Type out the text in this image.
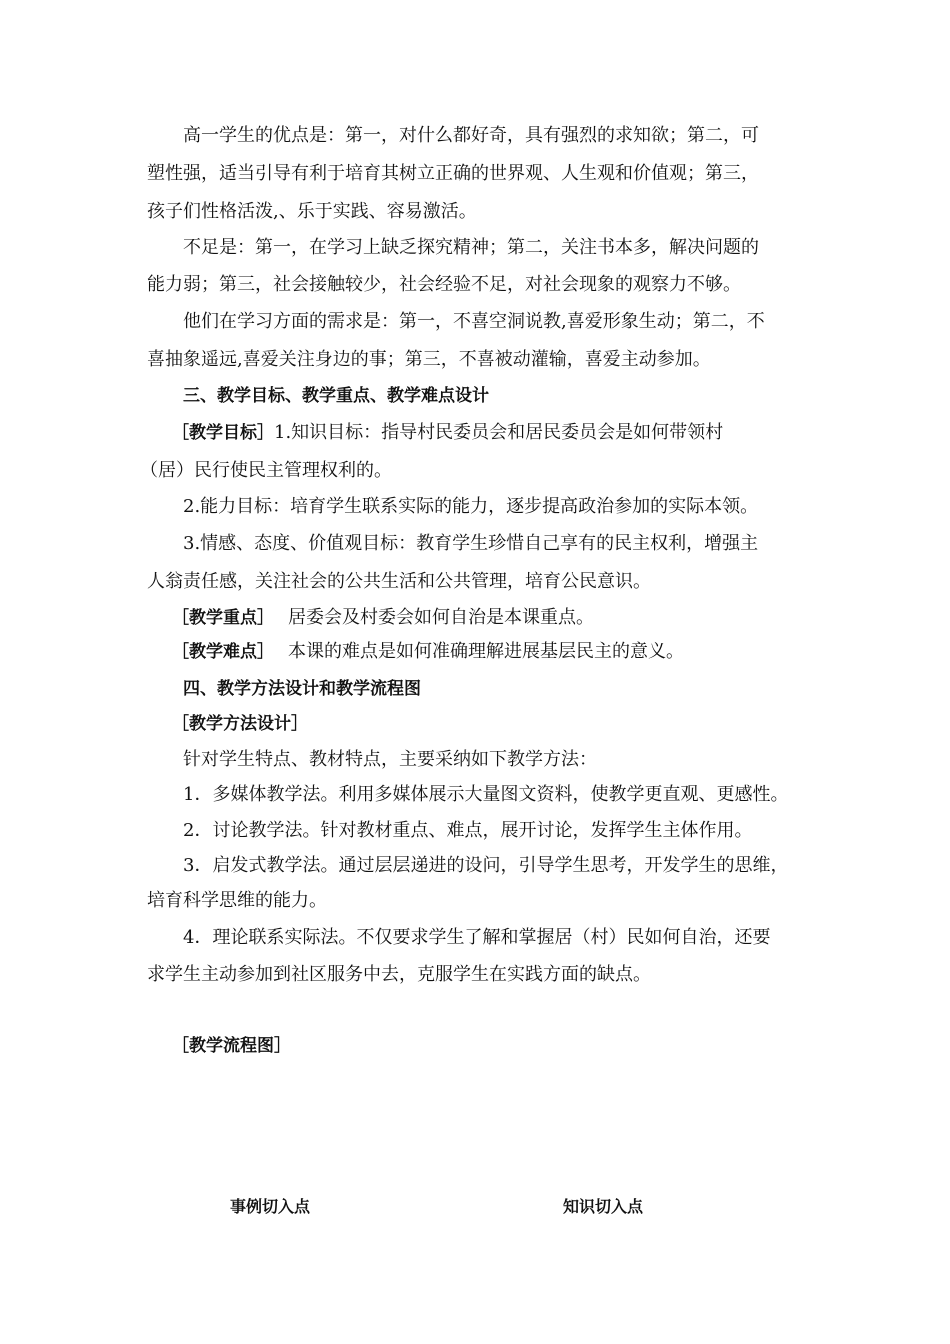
高一学生的优点是：第一，对什么都好奇，具有强烈的求知欲；第二，可
塑性强，适当引导有利于培育其树立正确的世界观、人生观和价值观；第三，
孩子们性格活泼,、乐于实践、容易激活。
不足是：第一，在学习上缺乏探究精神；第二，关注书本多，解决问题的
能力弱；第三，社会接触较少，社会经验不足，对社会现象的观察力不够。
他们在学习方面的需求是：第一，不喜空洞说教,喜爱形象生动；第二，不
喜抽象遥远,喜爱关注身边的事；第三，不喜被动灌输，喜爱主动参加。
三、教学目标、教学重点、教学难点设计
［教学目标］1.知识目标：指导村民委员会和居民委员会是如何带领村
（居）民行使民主管理权利的。
2.能力目标：培育学生联系实际的能力，逐步提高政治参加的实际本领。
3.情感、态度、价值观目标：教育学生珍惜自己享有的民主权利，增强主
人翁责任感，关注社会的公共生活和公共管理，培育公民意识。
［教学重点］ 居委会及村委会如何自治是本课重点。
［教学难点］ 本课的难点是如何准确理解进展基层民主的意义。
四、教学方法设计和教学流程图
［教学方法设计］
针对学生特点、教材特点，主要采纳如下教学方法：
1．多媒体教学法。利用多媒体展示大量图文资料，使教学更直观、更感性。
2．讨论教学法。针对教材重点、难点，展开讨论，发挥学生主体作用。
3．启发式教学法。通过层层递进的设问，引导学生思考，开发学生的思维，
培育科学思维的能力。
4．理论联系实际法。不仅要求学生了解和掌握居（村）民如何自治，还要
求学生主动参加到社区服务中去，克服学生在实践方面的缺点。
［教学流程图］
事例切入点	知识切入点
